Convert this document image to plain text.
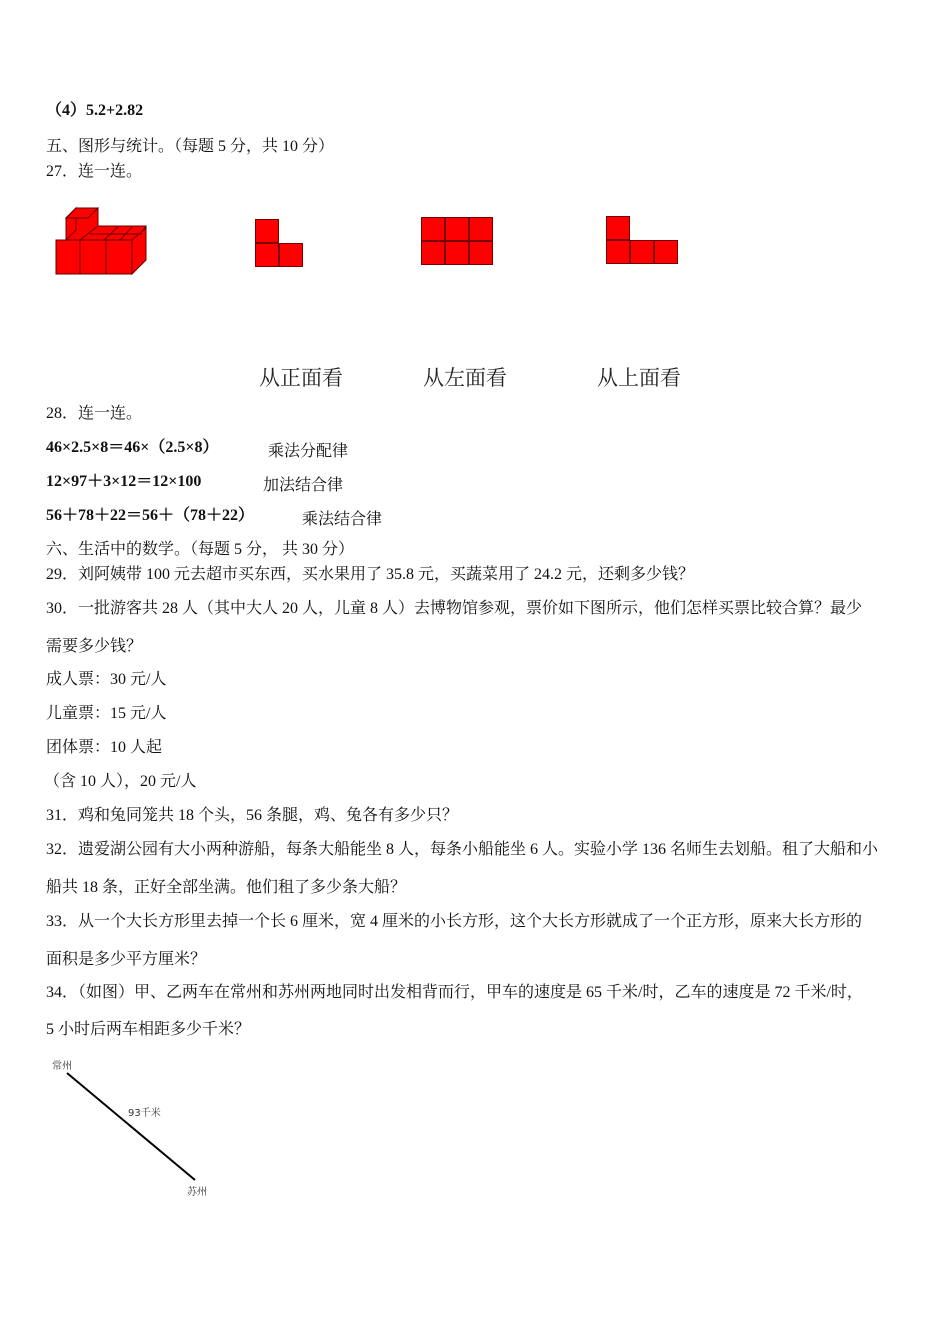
（4）5.2+2.82
五、图形与统计。（每题 5 分，共 10 分）
27．连一连。
从正面看	从左面看	从上面看
28．连一连。
46×2.5×8＝46×（2.5×8）	乘法分配律
12×97＋3×12＝12×100	加法结合律
56＋78＋22＝56＋（78＋22）	乘法结合律
六、生活中的数学。（每题 5 分， 共 30 分）
29．刘阿姨带 100 元去超市买东西，买水果用了 35.8 元，买蔬菜用了 24.2 元，还剩多少钱？
30．一批游客共 28 人（其中大人 20 人，儿童 8 人）去博物馆参观，票价如下图所示，他们怎样买票比较合算？最少
需要多少钱？
成人票：30 元/人
儿童票：15 元/人
团体票：10 人起
（含 10 人），20 元/人
31．鸡和兔同笼共 18 个头，56 条腿，鸡、兔各有多少只？
32．遗爱湖公园有大小两种游船，每条大船能坐 8 人，每条小船能坐 6 人。实验小学 136 名师生去划船。租了大船和小
船共 18 条，正好全部坐满。他们租了多少条大船？
33．从一个大长方形里去掉一个长 6 厘米，宽 4 厘米的小长方形，这个大长方形就成了一个正方形，原来大长方形的
面积是多少平方厘米？
34．（如图）甲、乙两车在常州和苏州两地同时出发相背而行，甲车的速度是 65 千米/时，乙车的速度是 72 千米/时，
5 小时后两车相距多少千米？
常州
93千米
苏州
